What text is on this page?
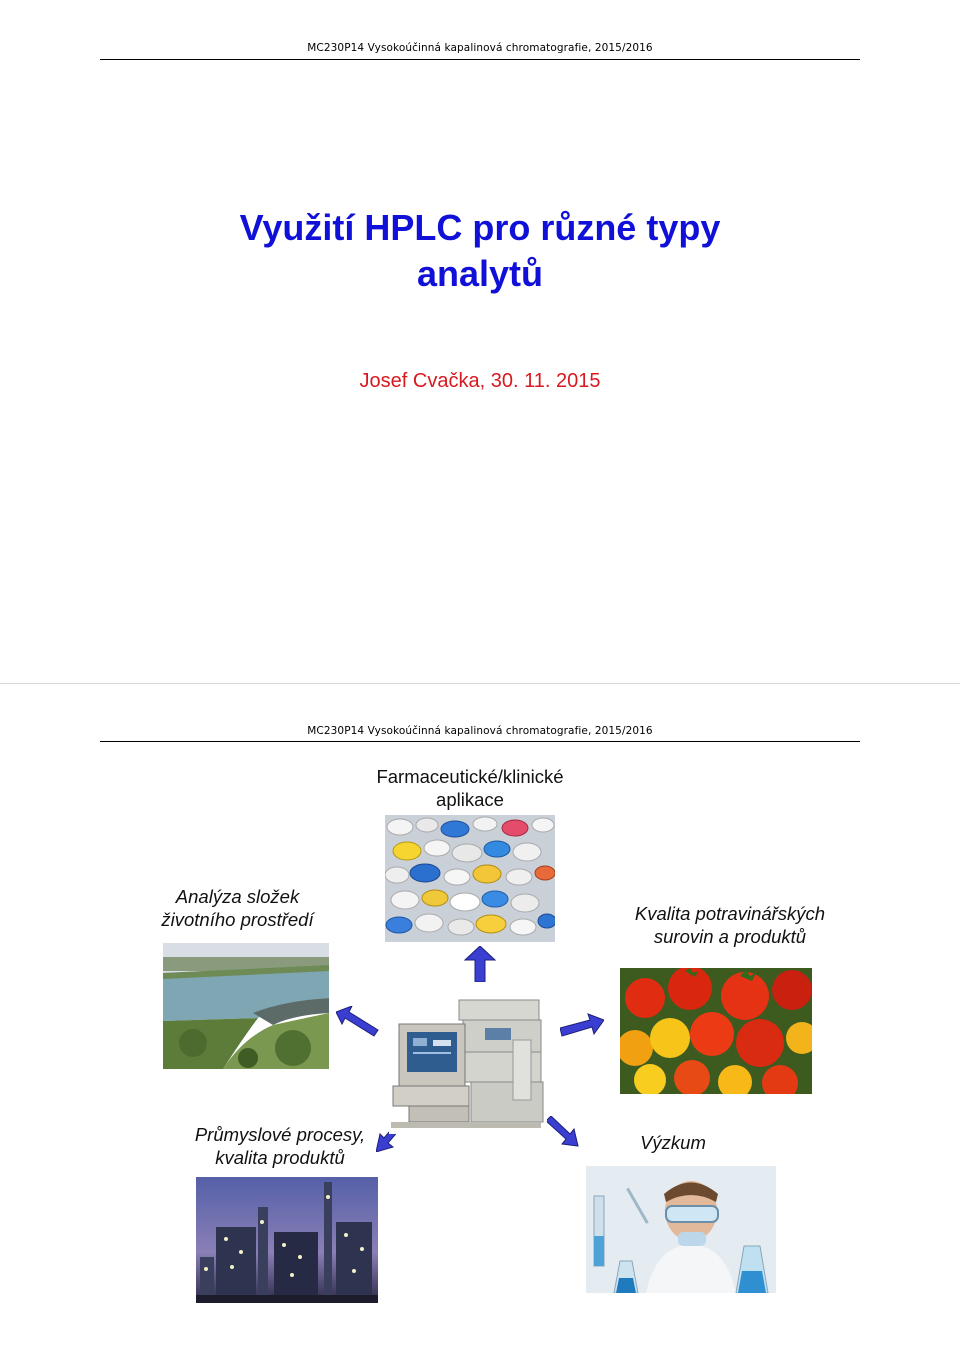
MC230P14 Vysokoúčinná kapalinová chromatografie, 2015/2016
Využití HPLC pro různé typy
analytů
Josef Cvačka, 30. 11. 2015
MC230P14 Vysokoúčinná kapalinová chromatografie, 2015/2016
Farmaceutické/klinické
aplikace
Analýza složek
životního prostředí	Kvalita potravinářských
surovin a produktů
Průmyslové procesy,
kvalita produktů
Výzkum
